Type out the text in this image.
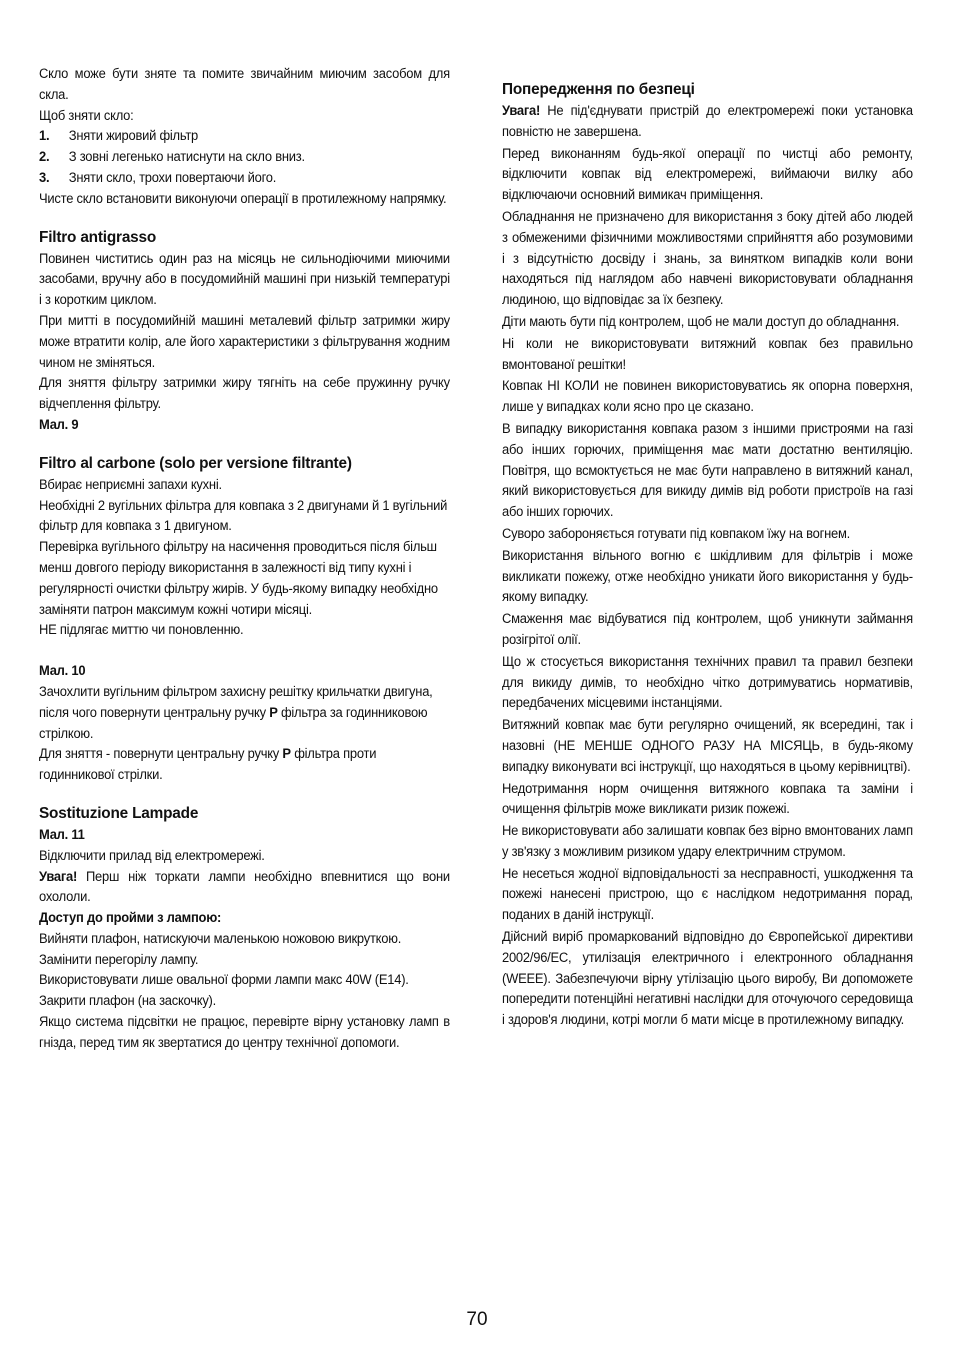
Скло може бути зняте та помите звичайним миючим засобом для скла.

Щоб зняти скло:

1.	Зняти жировий фільтр
2.	З зовні легенько натиснути на скло вниз.
3.	Зняти скло, трохи повертаючи його.

Чисте скло встановити виконуючи операції в протилежному напрямку.

Filtro antigrasso

Повинен чиститись один раз на місяць не сильнодіючими миючими засобами, вручну або в посудомийній машині при низькій температурі і з коротким циклом.

При митті в посудомийній машині металевий фільтр затримки жиру може втратити колір, але його характеристики з фільтрування жодним чином не зміняться.

Для зняття фільтру затримки жиру тягніть на себе пружинну ручку відчеплення фільтру.

Мал. 9

Filtro al carbone (solo per versione filtrante)

Вбирає неприємні запахи кухні.

Необхідні 2 вугільних фільтра для ковпака з 2 двигунами й 1 вугільний фільтр для ковпака з 1 двигуном.

Перевірка вугільного фільтру на насичення проводиться після більш менш довгого періоду використання в залежності від типу кухні і регулярності очистки фільтру жирів. У будь-якому випадку необхідно заміняти патрон максимум кожні чотири місяці.

НЕ підлягає миттю чи поновленню.

Мал. 10

Зачохлити вугільним фільтром захисну решітку крильчатки двигуна, після чого повернути центральну ручку P фільтра за годинниковою стрілкою.

Для зняття - повернути центральну ручку P фільтра проти годинникової стрілки.

Sostituzione Lampade

Мал. 11

Відключити прилад від електромережі.

Увага! Перш ніж торкати лампи необхідно впевнитися що вони охололи.

Доступ до пройми з лампою:

Вийняти плафон, натискуючи маленькою ножовою викруткою.

Замінити перегорілу лампу.

Використовувати лише овальної форми лампи макс 40W (E14).

Закрити плафон (на заскочку).

Якщо система підсвітки не працює, перевірте вірну установку ламп в гнізда, перед тим як звертатися до центру технічної допомоги.

Попередження по безпеці

Увага! Не під'єднувати пристрій до електромережі поки установка повністю не завершена.

Перед виконанням будь-якої операції по чистці або ремонту, відключити ковпак від електромережі, виймаючи вилку або відключаючи основний вимикач приміщення.

Обладнання не призначено для використання з боку дітей або людей з обмеженими фізичними можливостями сприйняття або розумовими і з відсутністю досвіду і знань, за винятком випадків коли вони находяться під наглядом або навчені використовувати обладнання людиною, що відповідає за їх безпеку.

Діти мають бути під контролем, щоб не мали доступ до обладнання.

Ні коли не використовувати витяжний ковпак без правильно вмонтованої решітки!

Ковпак НІ КОЛИ не повинен використовуватись як опорна поверхня, лише у випадках коли ясно про це сказано.

В випадку використання ковпака разом з іншими пристроями на газі або інших горючих, приміщення має мати достатню вентиляцію. Повітря, що всмоктується не має бути направлено в витяжний канал, який використовується для викиду димів від роботи пристроїв на газі або інших горючих.

Суворо забороняється готувати під ковпаком їжу на вогнем.

Використання вільного вогню є шкідливим для фільтрів і може викликати пожежу, отже необхідно уникати його використання у будь-якому випадку.

Смаження має відбуватися під контролем, щоб уникнути займання розігрітої олії.

Що ж стосується використання технічних правил та правил безпеки для викиду димів, то необхідно чітко дотримуватись нормативів, передбачених місцевими інстанціями.

Витяжний ковпак має бути регулярно очищений, як всередині, так і назовні (НЕ МЕНШЕ ОДНОГО РАЗУ НА МІСЯЦЬ, в будь-якому випадку виконувати всі інструкції, що находяться в цьому керівництві).

Недотримання норм очищення витяжного ковпака та заміни і очищення фільтрів може викликати ризик пожежі.

Не використовувати або залишати ковпак без вірно вмонтованих ламп у зв'язку з можливим ризиком удару електричним струмом.

Не несеться жодної відповідальності за несправності, ушкодження та пожежі нанесені пристрою, що є наслідком недотримання порад, поданих в даній інструкції.

Дійсний виріб промаркований відповідно до Європейської директиви 2002/96/EC, утилізація електричного і електронного обладнання (WEEE). Забезпечуючи вірну утілізацію цього виробу, Ви допоможете попередити потенційні негативні наслідки для оточуючого середовища і здоров'я людини, котрі могли б мати місце в протилежному випадку.

70
